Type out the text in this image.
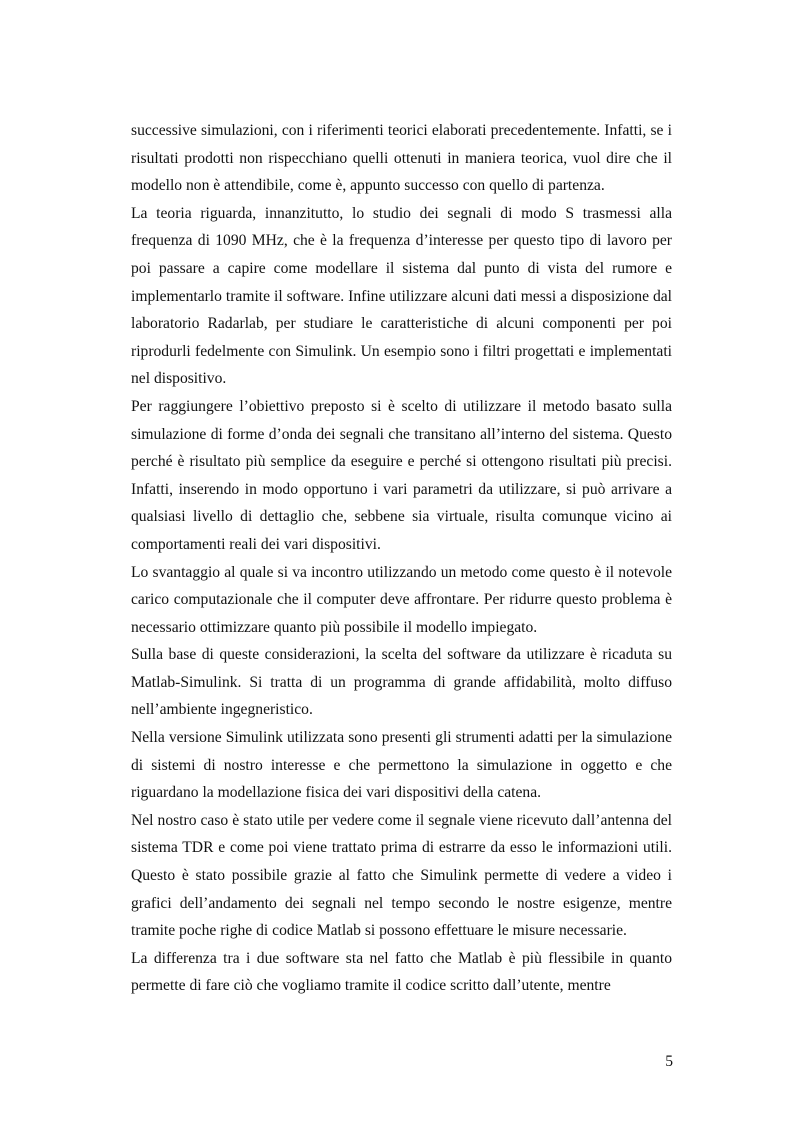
successive simulazioni, con i riferimenti teorici elaborati precedentemente. Infatti, se i risultati prodotti non rispecchiano quelli ottenuti in maniera teorica, vuol dire che il modello non è attendibile, come è, appunto successo con quello di partenza.

La teoria riguarda, innanzitutto, lo studio dei segnali di modo S trasmessi alla frequenza di 1090 MHz, che è la frequenza d’interesse per questo tipo di lavoro per poi passare a capire come modellare il sistema dal punto di vista del rumore e implementarlo tramite il software. Infine utilizzare alcuni dati messi a disposizione dal laboratorio Radarlab, per studiare le caratteristiche di alcuni componenti per poi riprodurli fedelmente con Simulink. Un esempio sono i filtri progettati e implementati nel dispositivo.

Per raggiungere l’obiettivo preposto si è scelto di utilizzare il metodo basato sulla simulazione di forme d’onda dei segnali che transitano all’interno del sistema. Questo perché è risultato più semplice da eseguire e perché si ottengono risultati più precisi. Infatti, inserendo in modo opportuno i vari parametri da utilizzare, si può arrivare a qualsiasi livello di dettaglio che, sebbene sia virtuale, risulta comunque vicino ai comportamenti reali dei vari dispositivi.

Lo svantaggio al quale si va incontro utilizzando un metodo come questo è il notevole carico computazionale che il computer deve affrontare. Per ridurre questo problema è necessario ottimizzare quanto più possibile il modello impiegato.

Sulla base di queste considerazioni, la scelta del software da utilizzare è ricaduta su Matlab-Simulink. Si tratta di un programma di grande affidabilità, molto diffuso nell’ambiente ingegneristico.

Nella versione Simulink utilizzata sono presenti gli strumenti adatti per la simulazione di sistemi di nostro interesse e che permettono la simulazione in oggetto e che riguardano la modellazione fisica dei vari dispositivi della catena.

Nel nostro caso è stato utile per vedere come il segnale viene ricevuto dall’antenna del sistema TDR e come poi viene trattato prima di estrarre da esso le informazioni utili. Questo è stato possibile grazie al fatto che Simulink permette di vedere a video i grafici dell’andamento dei segnali nel tempo secondo le nostre esigenze, mentre tramite poche righe di codice Matlab si possono effettuare le misure necessarie.

La differenza tra i due software sta nel fatto che Matlab è più flessibile in quanto permette di fare ciò che vogliamo tramite il codice scritto dall’utente, mentre

5
